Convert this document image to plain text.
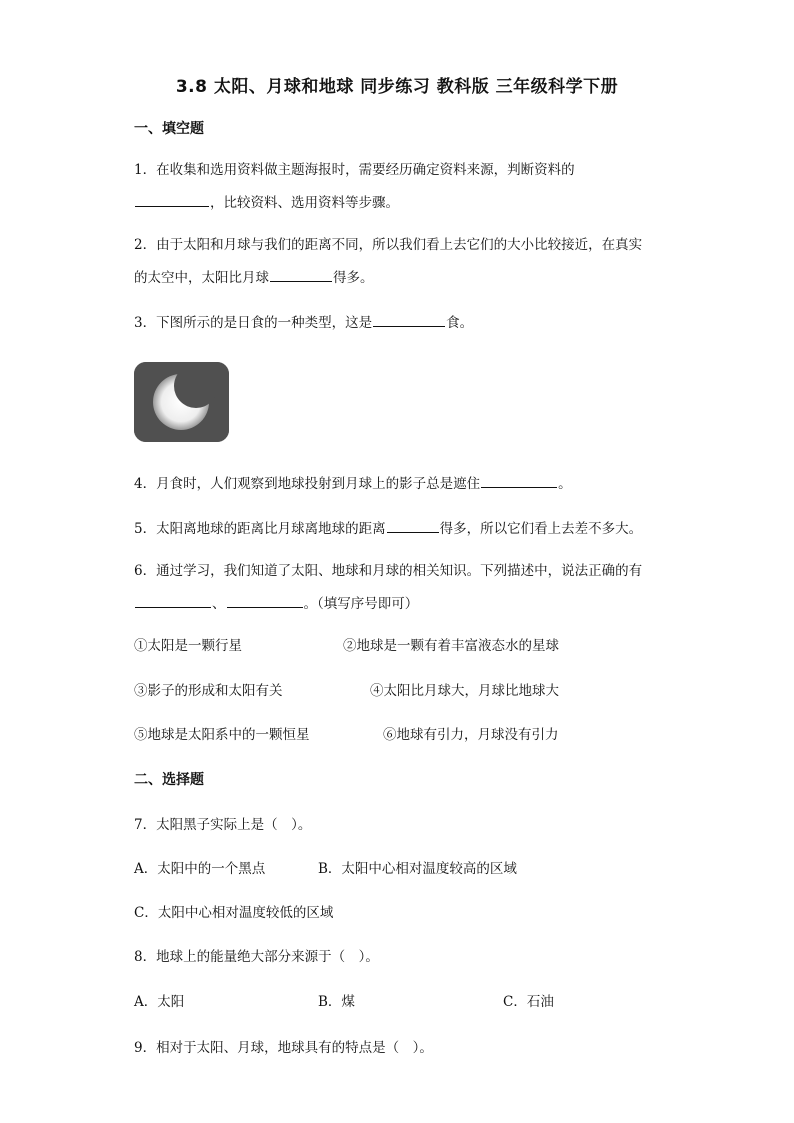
3.8 太阳、月球和地球 同步练习 教科版 三年级科学下册
一、填空题
1．在收集和选用资料做主题海报时，需要经历确定资料来源，判断资料的
，比较资料、选用资料等步骤。
2．由于太阳和月球与我们的距离不同，所以我们看上去它们的大小比较接近，在真实
的太空中，太阳比月球	得多。
3．下图所示的是日食的一种类型，这是	食。
4．月食时，人们观察到地球投射到月球上的影子总是遮住	。
5．太阳离地球的距离比月球离地球的距离	得多，所以它们看上去差不多大。
6．通过学习，我们知道了太阳、地球和月球的相关知识。下列描述中，说法正确的有
、	。（填写序号即可）
①太阳是一颗行星	②地球是一颗有着丰富液态水的星球
③影子的形成和太阳有关	④太阳比月球大，月球比地球大
⑤地球是太阳系中的一颗恒星	⑥地球有引力，月球没有引力
二、选择题
7．太阳黑子实际上是（　）。
A．太阳中的一个黑点	B．太阳中心相对温度较高的区域
C．太阳中心相对温度较低的区域
8．地球上的能量绝大部分来源于（　）。
A．太阳	B．煤	C．石油
9．相对于太阳、月球，地球具有的特点是（　）。
